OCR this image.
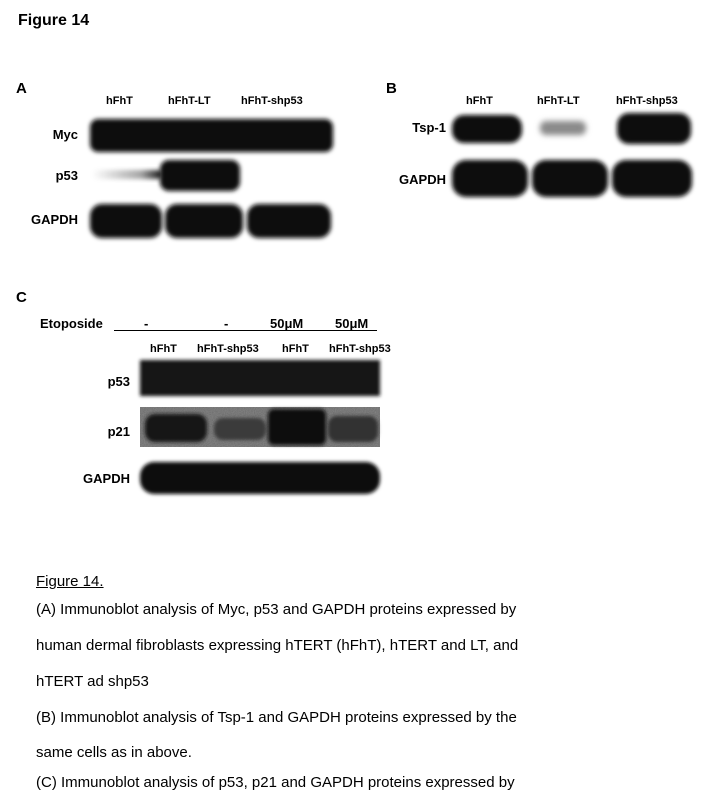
Figure 14
A
hFhT	hFhT-LT	hFhT-shp53
Myc
p53
GAPDH
B
hFhT	hFhT-LT	hFhT-shp53
Tsp-1
GAPDH
C
Etoposide	-	-	50μM 50μM
hFhT hFhT-shp53 hFhT hFhT-shp53
p53
p21
GAPDH
Figure 14.
(A) Immunoblot analysis of Myc, p53 and GAPDH proteins expressed by
human dermal fibroblasts expressing hTERT (hFhT), hTERT and LT, and
hTERT ad shp53
(B) Immunoblot analysis of Tsp-1 and GAPDH proteins expressed by the
same cells as in above.
(C) Immunoblot analysis of p53, p21 and GAPDH proteins expressed by
